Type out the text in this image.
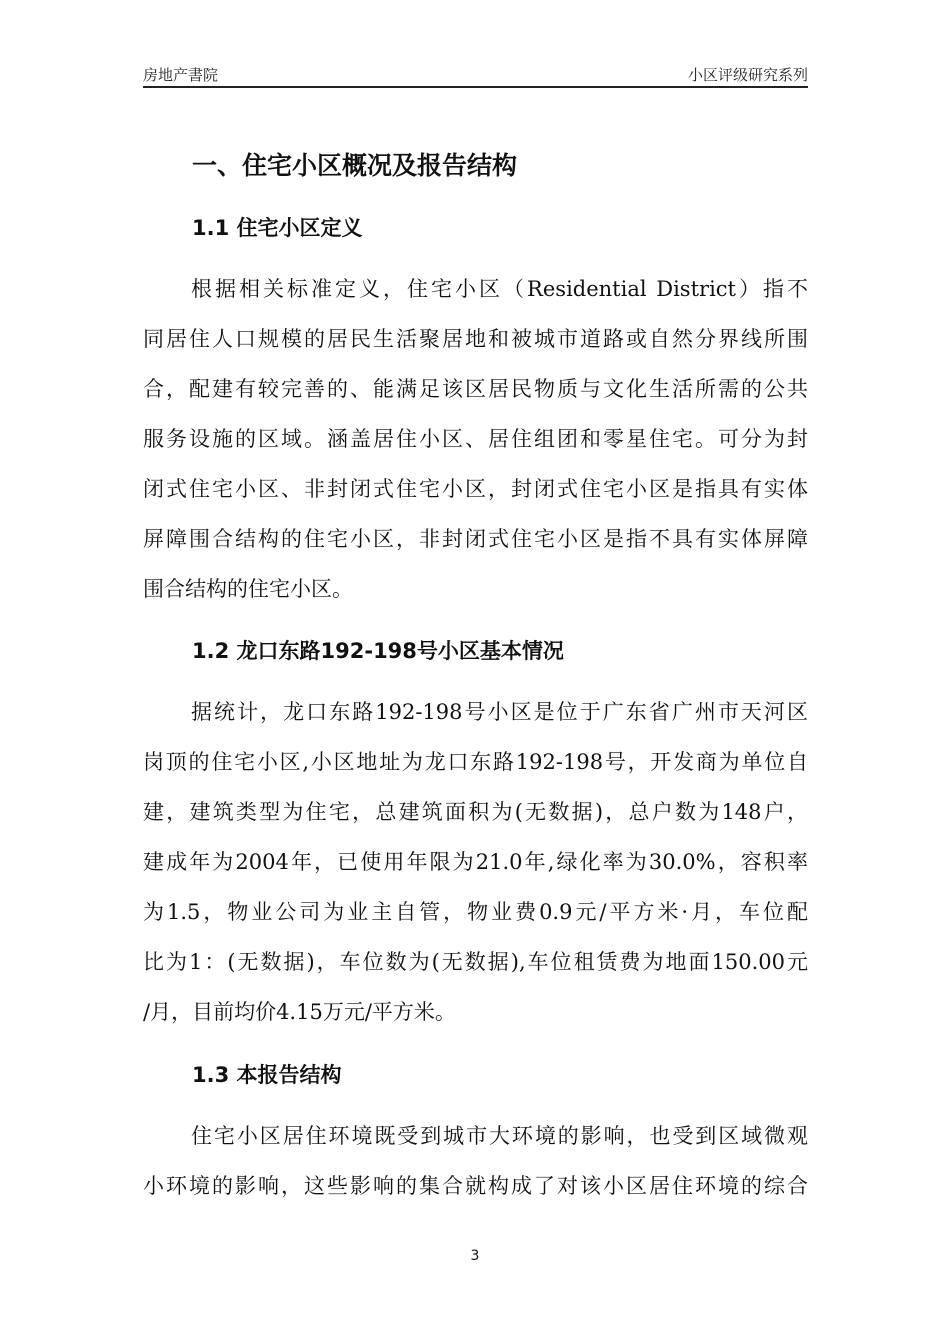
房地产書院	小区评级研究系列
一、住宅小区概况及报告结构
1.1 住宅小区定义
根据相关标准定义，住宅小区（Residential District）指不
同居住人口规模的居民生活聚居地和被城市道路或自然分界线所围
合，配建有较完善的、能满足该区居民物质与文化生活所需的公共
服务设施的区域。涵盖居住小区、居住组团和零星住宅。可分为封
闭式住宅小区、非封闭式住宅小区，封闭式住宅小区是指具有实体
屏障围合结构的住宅小区，非封闭式住宅小区是指不具有实体屏障
围合结构的住宅小区。
1.2 龙口东路192-198号小区基本情况
据统计，龙口东路192-198号小区是位于广东省广州市天河区
岗顶的住宅小区,小区地址为龙口东路192-198号，开发商为单位自
建，建筑类型为住宅，总建筑面积为(无数据)，总户数为148户，
建成年为2004年，已使用年限为21.0年,绿化率为30.0%，容积率
为1.5，物业公司为业主自管，物业费0.9元/平方米·月，车位配
比为1：(无数据)，车位数为(无数据),车位租赁费为地面150.00元
/月，目前均价4.15万元/平方米。
1.3 本报告结构
住宅小区居住环境既受到城市大环境的影响，也受到区域微观
小环境的影响，这些影响的集合就构成了对该小区居住环境的综合
3
